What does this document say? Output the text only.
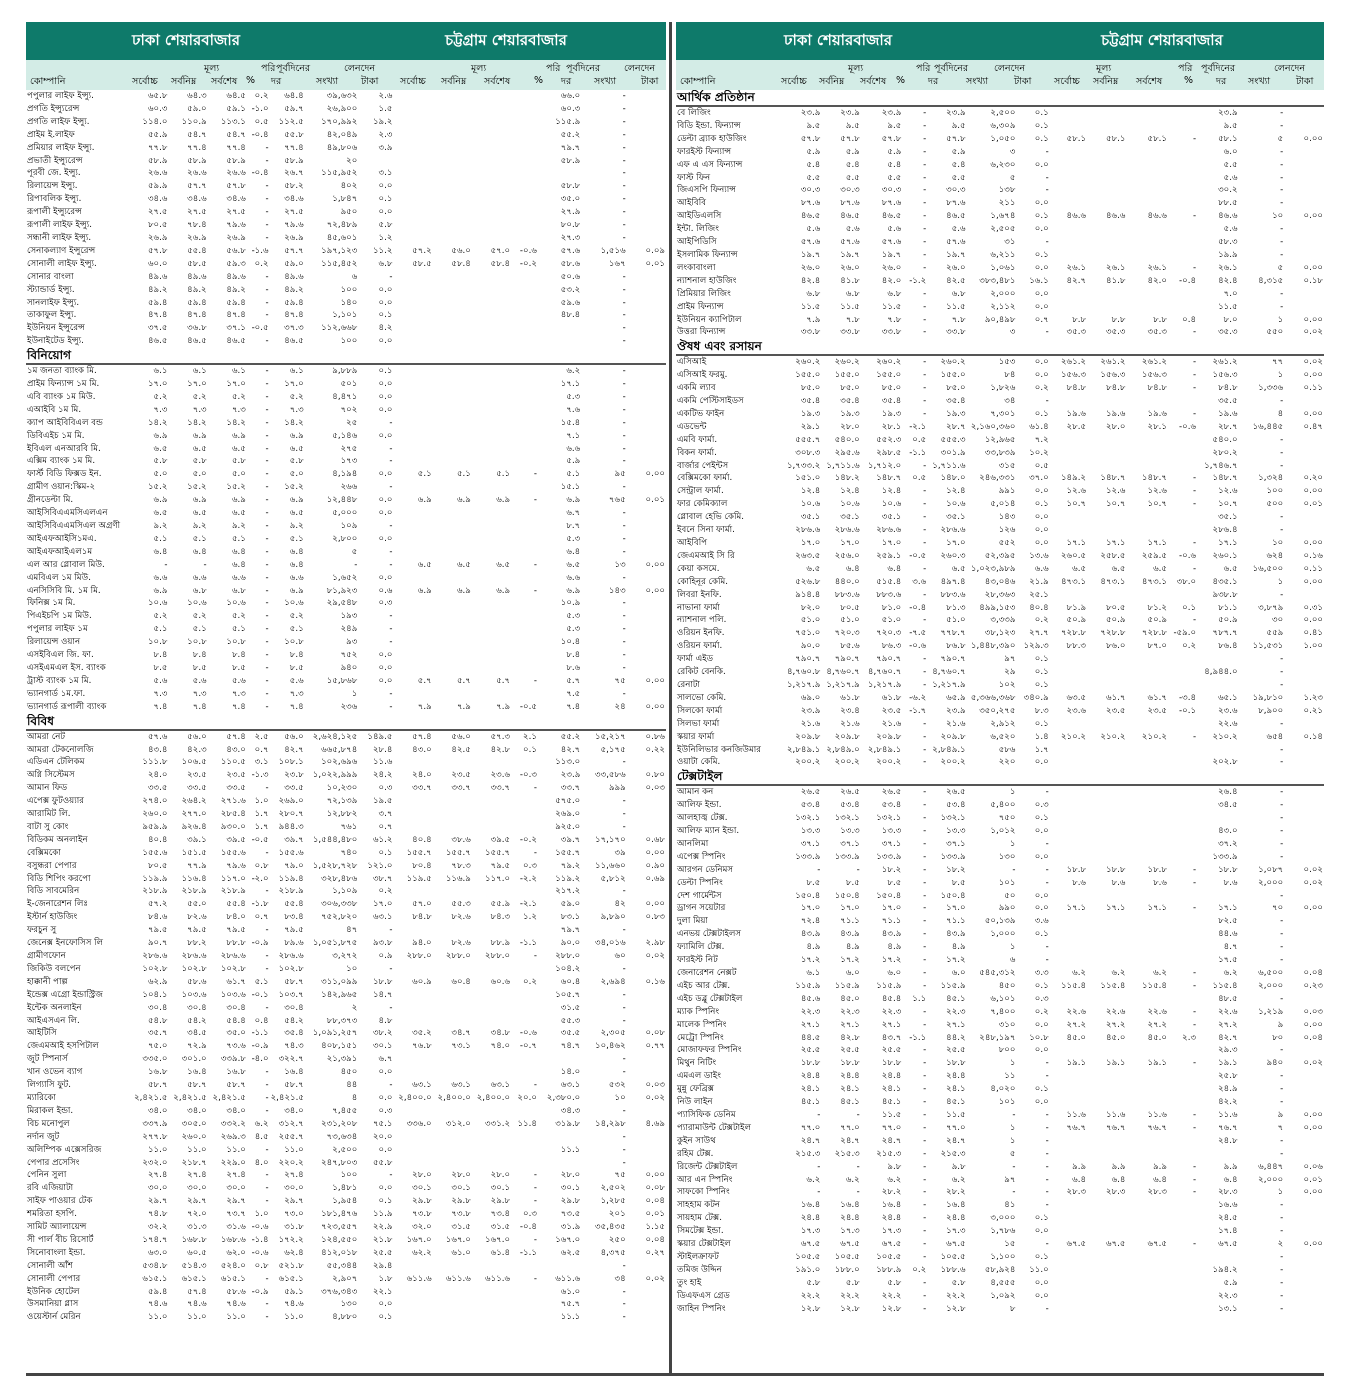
ঢাকা শেয়ারবাজার	চট্টগ্রাম শেয়ারবাজার
মূল্য	পরি পূর্বদিনের	লেনদেন	মূল্য	পরি পূর্বদিনের	লেনদেন
কোম্পানি	সর্বোচ্চ সর্বনিম্ন সর্বশেষ % দর	সংখ্যা টাকা সর্বোচ্চ সর্বনিম্ন সর্বশেষ	% দর সংখ্যা	টাকা
পপুলার লাইফ ইন্স্যু.	৬৫.৮	৬৪.৩	৬৪.৫	০.২	৬৪.৪	৩৯,৬৩২	২.৬					৬৬.০	-	
প্রগতি ইন্স্যুরেন্স	৬০.৩	৫৯.০	৫৯.১	-১.০	৫৯.৭	২৬,৯০০	১.৫					৬০.৩	-	
প্রগতি লাইফ ইন্স্যু.	১১৪.০	১১০.৯	১১৩.১	০.৫	১১২.৫	১৭০,৯৯২	১৯.২					১১৫.৯	-	
প্রাইম ই.লাইফ	৫৫.৯	৫৪.৭	৫৪.৭	-০.৪	৫৫.৮	৪২,০৪৯	২.৩					৫৫.২	-	
প্রমিয়ার লাইফ ইন্স্যু.	৭৭.৮	৭৭.৪	৭৭.৪	-	৭৭.৪	৪৯,৮০৬	৩.৯					৭৯.৭	-	
প্রভাতী ইন্স্যুরেন্স	৫৮.৯	৫৮.৯	৫৮.৯	-	৫৮.৯	২০						৫৮.৯	-	
পূরবী জে. ইন্স্যু.	২৬.৬	২৬.৬	২৬.৬	-০.৪	২৬.৭	১১৫,৯৫২	৩.১						-	
রিলায়েন্স ইন্স্যু.	৫৯.৯	৫৭.৭	৫৭.৮	-	৫৮.২	৪০২	০.০					৫৮.৮	-	
রিপাবলিক ইন্স্যু.	৩৪.৬	৩৪.৬	৩৪.৬	-	৩৪.৬	১,৮৪৭	০.১					৩৫.০	-	
রূপালী ইন্স্যুরেন্স	২৭.৫	২৭.৫	২৭.৫	-	২৭.৫	৯৫০	০.০					২৭.৯	-	
রূপালী লাইফ ইন্স্যু.	৮০.৫	৭৮.৪	৭৯.৬	-	৭৯.৬	৭২,৪৮৯	৫.৮					৮০.৮	-	
সন্ধানী লাইফ ইন্স্যু.	২৬.৯	২৬.৯	২৬.৯	-	২৬.৯	৪৫,৬০১	১.২					২৭.৩	-	
সেনাকল্যাণ ইন্সুরেন্স	৫৭.৮	৫৫.৪	৫৬.৮	-১.৬	৫৭.৭	১৯৭,১২৩	১১.২	৫৭.২	৫৬.০	৫৭.০	-০.৬	৫৭.৬	১,৫১৬	০.০৯
সোনালী লাইফ ইন্স্যু.	৬০.০	৫৮.৫	৫৯.৩	০.২	৫৯.০	১১৫,৪৫২	৬.৮	৫৮.৫	৫৮.৪	৫৮.৪	-০.২	৫৮.৬	১৬৭	০.০১
সোনার বাংলা	৪৯.৬	৪৯.৬	৪৯.৬	-	৪৯.৬	৬	-					৫০.৬	-	
স্ট্যান্ডার্ড ইন্স্যু.	৪৯.২	৪৯.২	৪৯.২	-	৪৯.২	১০০	০.০					৫৩.২	-	
সানলাইফ ইন্স্যু.	৫৯.৪	৫৯.৪	৫৯.৪	-	৫৯.৪	১৪০	০.০					৫৯.৬	-	
তাকাফুল ইন্স্যু.	৪৭.৪	৪৭.৪	৪৭.৪	-	৪৭.৪	১,১০১	০.১					৪৮.৪	-	
ইউনিয়ন ইন্সুরেন্স	৩৭.৫	৩৬.৮	৩৭.১	-০.৫	৩৭.৩	১১২,৬৬৮	৪.২						-	
ইউনাইটেড ইন্স্যু.	৪৬.৫	৪৬.৫	৪৬.৫	-	৪৬.৫	১০০	০.০						-	
বিনিয়োগ														
১ম জনতা ব্যাংক মি.	৬.১	৬.১	৬.১	-	৬.১	৯,৮৮৯	০.১					৬.২	-	
প্রাইম ফিন্যান্স ১ম মি.	১৭.০	১৭.০	১৭.০	-	১৭.০	৫০১	০.০					১৭.১	-	
এবি ব্যাংক ১ম মিউ.	৫.২	৫.২	৫.২	-	৫.২	৪,৪৭১	০.০					৫.৩	-	
এআইবি ১ম মি.	৭.৩	৭.৩	৭.৩	-	৭.৩	৭০২	০.০					৭.৬	-	
ক্যাপ আইবিবিএল বন্ড	১৪.২	১৪.২	১৪.২	-	১৪.২	২৫	-					১৫.৪	-	
ডিবিএইচ ১ম মি.	৬.৯	৬.৯	৬.৯	-	৬.৯	৫,১৪৬	০.০					৭.১	-	
ইবিএল এনআরবি মি.	৬.৫	৬.৫	৬.৫	-	৬.৫	২৭৫	-					৬.৬	-	
এক্সিম ব্যাংক ১ম মি.	৫.৮	৫.৮	৫.৮	-	৫.৮	১৭৩	-					৫.৯	-	
ফার্স্ট বিডি ফিক্সড ইন.	৫.০	৫.০	৫.০	-	৫.০	৪,১৯৪	০.০	৫.১	৫.১	৫.১	-	৫.১	৯৫	০.০০
গ্রামীণ ওয়ান:স্কিম-২	১৫.২	১৫.২	১৫.২	-	১৫.২	২৬৬	-					১৫.১	-	
গ্রীনডেল্টা মি.	৬.৯	৬.৯	৬.৯	-	৬.৯	১২,৪৪৮	০.০	৬.৯	৬.৯	৬.৯	-	৬.৯	৭৬৫	০.০১
আইসিবিএএমসিএলএন	৬.৫	৬.৫	৬.৫	-	৬.৫	৫,০০০	০.০					৬.৭	-	
আইসিবিএএমসিএল অগ্রণী	৯.২	৯.২	৯.২	-	৯.২	১০৯	-					৮.৭	-	
আইএফআইসি১মএ.	৫.১	৫.১	৫.১	-	৫.১	২,৮০০	০.০					৫.৩	-	
আইএফআইএল১ম	৬.৪	৬.৪	৬.৪	-	৬.৪	৫	-					৬.৪	-	
এল আর গ্লোবাল মিউ.	-	-	৬.৪	-	৬.৪	-	-	৬.৫	৬.৫	৬.৫	-	৬.৫	১৩	০.০০
এমবিএল ১ম মিউ.	৬.৬	৬.৬	৬.৬	-	৬.৬	১,৬৫২	০.০					৬.৬	-	
এনসিসিবি মি. ১ম মি.	৬.৯	৬.৮	৬.৮	-	৬.৯	৮১,৯২৩	০.৬	৬.৯	৬.৯	৬.৯	-	৬.৯	১৪৩	০.০০
ফিনিক্স ১ম মি.	১০.৬	১০.৬	১০.৬	-	১০.৬	২৯,৫৪৮	০.৩					১০.৯	-	
পিএইচপি ১ম মিউ.	৫.২	৫.২	৫.২	-	৫.২	১৯৩	-					৫.৩	-	
পপুলার লাইফ ১ম	৫.১	৫.১	৫.১	-	৫.১	২৪৯	-					৫.৩	-	
রিলায়েন্স ওয়ান	১০.৮	১০.৮	১০.৮	-	১০.৮	৯৩	-					১০.৪	-	
এসইবিএল জি. ফা.	৮.৪	৮.৪	৮.৪	-	৮.৪	৭৫২	০.০					৮.৪	-	
এসইএমএল ইস. ব্যাংক	৮.৫	৮.৫	৮.৫	-	৮.৫	৯৪০	০.০					৮.৬	-	
ট্রাস্ট ব্যাংক ১ম মি.	৫.৬	৫.৬	৫.৬	-	৫.৬	১৫,৮৬৮	০.০	৫.৭	৫.৭	৫.৭	-	৫.৭	৭৫	০.০০
ভ্যানগার্ড ১ম.ফা.	৭.৩	৭.৩	৭.৩	-	৭.৩	১	-					৭.৫	-	
ভ্যানগার্ড রূপালী ব্যাংক	৭.৪	৭.৪	৭.৪	-	৭.৪	২৩৬	-	৭.৯	৭.৯	৭.৯	-০.৫	৭.৪	২৪	০.০০
বিবিধ														
আমরা নেট	৫৭.৬	৫৬.০	৫৭.৪	২.৫	৫৬.০	২,৬২৪,১২৫	১৪৯.৫	৫৭.৪	৫৬.০	৫৭.৩	২.১	৫৫.২	১৫,২১৭	০.৮৬
আমরা টেকনোলজি	৪৩.৪	৪২.৩	৪৩.০	০.৭	৪২.৭	৬৬৫,৮৭৪	২৮.৪	৪৩.০	৪২.৫	৪২.৮	০.১	৪২.৭	৫,১৭৫	০.২২
এডিএন টেলিকম	১১১.৮	১০৬.৫	১১০.৫	৩.১	১০৮.১	১০২,৬৯৬	১১.৬					১১৩.০	-	
অগ্নি সিস্টেমস	২৪.০	২৩.৫	২৩.৫	-১.৩	২৩.৮	১,০২২,৯৯৯	২৪.২	২৪.০	২৩.৫	২৩.৬	-০.৩	২৩.৯	৩৩,৫৮৬	০.৮০
আমান ফিড	৩৩.৫	৩৩.৫	৩৩.৫	-	৩৩.৫	১০,২৩০	০.৩	৩৩.৭	৩৩.৭	৩৩.৭	-	৩৩.৭	৯৯৯	০.০৩
এপেক্স ফুটওয়্যার	২৭৪.০	২৬৪.২	২৭১.৬	১.০	২৬৯.০	৭২,১৩৯	১৯.৫					৫৭৫.০	-	
আরামিট লি.	২৬০.০	২৭৭.০	২৮৫.৪	১.৭	২৮০.৭	১২,৮৮২	৩.৭					২৬৯.০	-	
বাটা সু কোং	৯৫৯.৯	৯২৬.৪	৯৩০.০	১.৭	৯৪৪.৩	৭৬১	০.৭					৯২৫.০	-	
বিডিকম অনলাইন	৪০.৪	৩৯.১	৩৯.৫	-০.৫	৩৯.৭	১,৫৪৪,৪৮০	৬১.২	৪০.৪	৩৮.৬	৩৯.৫	-০.২	৩৯.৭	১৭,১৭০	০.৬৮
বেক্সিমকো	১৫৫.৬	১৫১.৫	১৫৫.৬	-	১৫৫.৬	৭৪০	০.১	১৫৫.৭	১৫৫.৭	১৫৫.৭	-	১৫৫.৭	৩৯	০.০০
বসুন্ধরা পেপার	৮০.৫	৭৭.৯	৭৯.৬	০.৮	৭৯.০	১,৫২৮,৭২৮	১২১.০	৮০.৪	৭৮.৩	৭৯.৫	০.৩	৭৯.২	১১,৬৬০	০.৯০
বিডি শিপিং করপো	১১৯.৯	১১৬.৪	১১৭.০	-২.০	১১৯.৪	৩২৮,৪৮৬	৩৮.৭	১১৯.৫	১১৬.৯	১১৭.০	-২.২	১১৯.২	৫,৮১২	০.৬৯
বিডি সাবমেরিন	২১৮.৯	২১৮.৯	২১৮.৯	-	২১৮.৯	১,১০৯	০.২					২১৭.২	-	
ই-জেনারেশন লিঃ	৫৭.২	৫৫.০	৫৫.৪	-১.৮	৫৫.৪	৩০৬,৩৩৮	১৭.০	৫৭.০	৫৫.৩	৫৫.৯	-২.১	৫৯.০	৪২	০.০০
ইস্টার্ন হাউজিং	৮৪.৬	৮২.৬	৮৪.০	০.৭	৮৩.৪	৭৫২,৮২০	৬৩.১	৮৪.৮	৮২.৬	৮৪.৩	১.২	৮৩.১	৯,৮৯০	০.৮৩
ফরচুন সু	৭৯.৫	৭৯.৫	৭৯.৫	-	৭৯.৫	৪৭	-					৭৯.৭	-	
জেনেক্স ইনফোসিস লি	৯০.৭	৮৮.২	৮৮.৮	-০.৯	৮৯.৬	১,০৫১,৮৭৫	৯৩.৮	৯৪.০	৮২.৬	৮৮.৯	-১.১	৯০.০	৩৪,০১৬	২.৯৮
গ্রামীণফোন	২৮৬.৬	২৮৬.৬	২৮৬.৬	-	২৮৬.৬	৩,২৭২	০.৯	২৮৮.০	২৮৮.০	২৮৮.০	-	২৮৮.০	৬০	০.০২
জিকিউ বলপেন	১০২.৮	১০২.৮	১০২.৮	-	১০২.৮	১০	-					১০৪.২	-	
হাক্কানী পাল্প	৬২.৯	৫৮.৬	৬১.৭	৫.১	৫৮.৭	৩১১,০৯৯	১৮.৮	৬০.৯	৬০.৪	৬০.৬	০.২	৬০.৪	২,৬৯৪	০.১৬
ইন্ডেক্স এগ্রো ইন্ডাস্ট্রিজ	১০৪.১	১০৩.৬	১০৩.৬	-০.১	১০৩.৭	১৪২,৯৬৫	১৪.৭					১০৫.৭	-	
ইন্টেক অনলাইন	৩০.৪	৩০.৪	৩০.৪	-	৩০.৪	২	-					৩১.৫	-	
আইএসএন লি.	৫৪.৮	৫৪.২	৫৪.৪	০.৪	৫৪.২	৮৮,৩৭৩	৪.৮					৫৫.৩	-	
আইটিসি	৩৫.৭	৩৪.৫	৩৫.০	-১.১	৩৫.৪	১,০৯১,২৫৭	৩৮.২	৩৫.২	৩৪.৭	৩৪.৮	-০.৬	৩৫.৫	২,৩০৫	০.০৮
জেএমআই হসপিটাল	৭৫.০	৭২.৯	৭৩.৬	-০.৯	৭৪.৩	৪০৮,১৫১	৩০.১	৭৬.৮	৭৩.১	৭৪.০	-০.৭	৭৪.৭	১০,৪৬২	০.৭৭
জুট স্পিনার্স	৩৩৫.০	৩০১.০	৩৩৯.৮	-৪.০	৩২২.৭	২১,৩৯১	৬.৭						-	
খান ওভেন ব্যাগ	১৬.৮	১৬.৪	১৬.৮	-	১৬.৪	৪৫০	০.০					১৪.০	-	
লিগ্যাসি ফুট.	৫৮.৭	৫৮.৭	৫৮.৭	-	৫৮.৭	৪৪	-	৬৩.১	৬৩.১	৬৩.১	-	৬৩.১	৫৩২	০.০৩
ম্যারিকো	২,৪২১.৫	২,৪২১.৫	২,৪২১.৫	-	২,৪২১.৫	৪	০.০	২,৪০০.০	২,৪০০.০	২,৪০০.০	২০.০	২,৩৮০.০	১০	০.০২
মিরাকল ইন্ডা.	৩৪.০	৩৪.০	৩৪.০	-	৩৪.০	৭,৪৫৫	০.৩					৩৪.৩	-	
বিচ মনোপুল	৩৩৭.৯	৩০৫.০	৩৩২.২	৬.২	৩১২.৭	২৩১,২০৮	৭৫.১	৩৩৬.০	৩১২.০	৩৩১.২	১১.৪	৩১৯.৮	১৪,২৯৮	৪.৬৯
নর্দান জুট	২৭৭.৮	২৬০.০	২৬৯.৩	৪.৫	২৫৫.৭	৭৩,৬৩৪	২০.০						-	
অলিম্পিক এক্সেসরিজ	১১.০	১১.০	১১.০	-	১১.০	২,৫০০	০.০					১১.১	-	
পেপার প্রসেসিং	২৩২.০	২১৮.৭	২২৯.০	৪.০	২২০.২	২৪৭,৮০৩	৫৫.৮						-	
পেনিন সুলা	২৭.৪	২৭.৪	২৭.৪	-	২৭.৪	১০০	-	২৮.০	২৮.০	২৮.০	-	২৮.০	৭৫	০.০০
রবি এজিয়াটা	৩০.০	৩০.০	৩০.০	-	৩০.০	১,৪৮১	০.০	৩০.১	৩০.১	৩০.১	-	৩০.১	২,৫০২	০.০৮
সাইফ পাওয়ার টেক	২৯.৭	২৯.৭	২৯.৭	-	২৯.৭	১,৯৫৪	০.১	২৯.৮	২৯.৮	২৯.৮	-	২৯.৮	১,২৮৫	০.০৪
শমরিতা হসপি.	৭৪.৮	৭২.০	৭৩.৭	১.০	৭৩.০	১৮১,৪৭৬	১১.৯	৭৩.৮	৭৩.৮	৭৩.৪	০.৩	৭৩.৫	২০১	০.০১
সামিট অ্যালায়েন্স	৩২.২	৩১.৩	৩১.৬	-০.৬	৩১.৮	৭২৩,৫৫৭	২২.৯	৩২.০	৩১.৫	৩১.৫	-০.৪	৩১.৯	৩৫,৪৩৫	১.১৫
সী পার্ল বীচ রিসোর্ট	১৭৪.৭	১৬৮.৮	১৬৮.৬	-১.৪	১৭২.২	১২৪,৫৫০	২১.৮	১৬৭.০	১৬৭.০	১৬৭.০	-	১৬৭.০	২৫০	০.০৪
সিনোবাংলা ইন্ডা.	৬৩.০	৬০.৫	৬২.০	-০.৬	৬২.৪	৪১২,০১৮	২৫.৫	৬২.২	৬১.০	৬১.৪	-১.১	৬২.৫	৪,৩৭৫	০.২৭
সোনালী আঁশ	৫৩৪.৮	৫১৪.৩	৫২৪.০	০.৮	৫২১.৮	৫৫,৩৪৪	২৯.৪						-	
সোনালী পেপার	৬১৫.১	৬১৫.১	৬১৫.১	-	৬১৫.১	২,৯০৭	১.৮	৬১১.৬	৬১১.৬	৬১১.৬	-	৬১১.৬	৩৪	০.০২
ইউনিক হোটেল	৫৯.৪	৫৭.৪	৫৮.৬	-০.৯	৫৯.১	৩৭৬,৩৪৩	২২.১					৬১.০	-	
উসমানিয়া গ্লাস	৭৪.৬	৭৪.৬	৭৪.৬	-	৭৪.৬	১৩০	০.০					৭৫.৭	-	
ওয়েস্টার্ন মেরিন	১১.০	১১.০	১১.০	-	১১.০	৪,৮৮০	০.১					১১.১	-	
ঢাকা শেয়ারবাজার	চট্টগ্রাম শেয়ারবাজার
মূল্য	পরি পূর্বদিনের	লেনদেন	মূল্য	পরি পূর্বদিনের	লেনদেন
কোম্পানি	সর্বোচ্চ সর্বনিম্ন সর্বশেষ % দর	সংখ্যা	টাকা সর্বোচ্চ সর্বনিম্ন সর্বশেষ % দর সংখ্যা	টাকা
আর্থিক প্রতিষ্ঠান														
বে লিজিং	২৩.৯	২৩.৯	২৩.৯	-	২৩.৯	২,৫০০	০.১					২৩.৯	-	
বিডি ইন্ডা. ফিন্যান্স	৯.৫	৯.৫	৯.৫	-	৯.৫	৬,৩০৯	০.১					৯.৫	-	
ডেল্টা ব্র্যাক হাউজিং	৫৭.৮	৫৭.৮	৫৭.৮	-	৫৭.৮	১,০৫০	০.১	৫৮.১	৫৮.১	৫৮.১	-	৫৮.১	৫	০.০০
ফারইস্ট ফিন্যান্স	৫.৯	৫.৯	৫.৯	-	৫.৯	৩	-					৬.০	-	
এফ এ এস ফিন্যান্স	৫.৪	৫.৪	৫.৪	-	৫.৪	৬,২৩০	০.০					৫.৫	-	
ফাস্ট ফিন	৫.৫	৫.৫	৫.৫	-	৫.৫	৫	-					৫.৬	-	
জিএসপি ফিন্যান্স	৩০.৩	৩০.৩	৩০.৩	-	৩০.৩	১৩৮	-					৩০.২	-	
আইবিবি	৮৭.৬	৮৭.৬	৮৭.৬	-	৮৭.৬	২১১	০.০					৮৮.৫	-	
আইডিএলসি	৪৬.৫	৪৬.৫	৪৬.৫	-	৪৬.৫	১,৬৭৪	০.১	৪৬.৬	৪৬.৬	৪৬.৬	-	৪৬.৬	১০	০.০০
ইন্টা. লিজিং	৫.৬	৫.৬	৫.৬	-	৫.৬	২,৫০৫	০.০					৫.৬	-	
আইপিডিসি	৫৭.৬	৫৭.৬	৫৭.৬	-	৫৭.৬	৩১	-					৫৮.৩	-	
ইসলামিক ফিন্যান্স	১৯.৭	১৯.৭	১৯.৭	-	১৯.৭	৬,২১১	০.১					১৯.৯	-	
লংকাবাংলা	২৬.০	২৬.০	২৬.০	-	২৬.০	১,০৬১	০.০	২৬.১	২৬.১	২৬.১	-	২৬.১	৫	০.০০
ন্যাশনাল হাউজিং	৪২.৪	৪১.৮	৪২.০	-১.২	৪২.৫	৩৮৩,৪৮১	১৬.১	৪২.৭	৪১.৮	৪২.০	-০.৪	৪২.৪	৪,৩১৫	০.১৮
প্রিমিয়ার লিজিং	৬.৮	৬.৮	৬.৮	-	৬.৮	২,০০০	০.০					৭.০	-	
প্রাইম ফিন্যান্স	১১.৫	১১.৫	১১.৫	-	১১.৫	২,১১২	০.০					১১.৫	-	
ইউনিয়ন ক্যাপিটাল	৭.৯	৭.৮	৭.৮	-	৭.৮	৯০,৪৯৮	০.৭	৮.৮	৮.৮	৮.৮	০.৪	৮.০	১	০.০০
উত্তরা ফিন্যান্স	৩৩.৮	৩৩.৮	৩৩.৮	-	৩৩.৮	৩	-	৩৫.৩	৩৫.৩	৩৫.৩	-	৩৫.৩	৫৫০	০.০২
ঔষধ এবং রসায়ন														
এসিআই	২৬০.২	২৬০.২	২৬০.২	-	২৬০.২	১৫৩	০.০	২৬১.২	২৬১.২	২৬১.২	-	২৬১.২	৭৭	০.০২
এসিআই ফরমু.	১৫৫.০	১৫৫.০	১৫৫.০	-	১৫৫.০	৮৪	০.০	১৫৬.৩	১৫৬.৩	১৫৬.৩	-	১৫৬.৩	১	০.০০
একমি ল্যাব	৮৫.০	৮৫.০	৮৫.০	-	৮৫.০	১,৮২৬	০.২	৮৪.৮	৮৪.৮	৮৪.৮	-	৮৪.৮	১,৩৩৬	০.১১
একমি পেস্টিসাইডস	৩৫.৪	৩৫.৪	৩৫.৪	-	৩৫.৪	৩৪	-					৩৫.৫	-	
একটিভ ফাইন	১৯.৩	১৯.৩	১৯.৩	-	১৯.৩	৭,৩০১	০.১	১৯.৬	১৯.৬	১৯.৬	-	১৯.৬	৪	০.০০
এডভেন্ট	২৯.১	২৮.০	২৮.১	-২.১	২৮.৭	২,১৬০,৩৬০	৬১.৪	২৮.৫	২৮.০	২৮.১	-০.৬	২৮.৭	১৬,৪৪৫	০.৪৭
এমবি ফার্মা.	৫৫৫.৭	৫৪০.০	৫৫২.৩	০.৫	৫৫৫.৩	১২,৯৬৫	৭.২					৫৪০.০	-	
বিকন ফার্মা.	৩০৮.৩	২৯৫.৬	২৯৮.৫	-১.১	৩০১.৯	৩৩,৮৩৯	১০.২					২৮০.২	-	
বার্জার পেইন্টস	১,৭৩৩.২	১,৭১১.৬	১,৭১২.০	-	১,৭১১.৬	৩১৫	০.৫					১,৭৪৬.৭	-	
বেক্সিমকো ফার্মা.	১৫১.০	১৪৮.২	১৪৮.৭	০.৫	১৪৮.০	২৪৬,৩৩১	৩৭.০	১৪৯.২	১৪৮.৭	১৪৮.৭	-	১৪৮.৭	১,৩২৪	০.২০
সেন্ট্রাল ফার্মা.	১২.৪	১২.৪	১২.৪	-	১২.৪	৯৯১	০.০	১২.৬	১২.৬	১২.৬	-	১২.৬	১০০	০.০০
ফার কেমিক্যাল	১০.৬	১০.৬	১০.৬	-	১০.৬	৫,০১৪	০.১	১০.৭	১০.৭	১০.৭	-	১০.৭	৫০০	০.০১
গ্লোবাল হেভি কেমি.	৩৫.১	৩৫.১	৩৫.১	-	৩৫.১	১৪৩	০.০					৩৫.১	-	
ইবনে সিনা ফার্মা.	২৮৬.৬	২৮৬.৬	২৮৬.৬	-	২৮৬.৬	১২৬	০.০					২৮৬.৪	-	
আইবিপি	১৭.০	১৭.০	১৭.০	-	১৭.০	৫৫২	০.০	১৭.১	১৭.১	১৭.১	-	১৭.১	১০	০.০০
জেএমআই সি রি	২৬৩.৫	২৫৬.০	২৫৯.১	-০.৫	২৬০.৩	৫২,৩৯৫	১৩.৬	২৬০.৫	২৫৮.৫	২৫৯.৫	-০.৬	২৬০.১	৬২৪	০.১৬
কেয়া কসমে.	৬.৫	৬.৪	৬.৪	-	৬.৫	১,০২৩,৯৮৯	৬.৬	৬.৫	৬.৫	৬.৫	-	৬.৫	১৬,৫০০	০.১১
কোহিনূর কেমি.	৫২৬.৮	৪৪০.০	৫১৫.৪	৩.৬	৪৯৭.৪	৪৩,০৪৬	২১.৯	৪৭৩.১	৪৭৩.১	৪৭৩.১	৩৮.০	৪৩৫.১	১	০.০০
লিবরা ইনফি.	৯১৪.৪	৮৮৩.৬	৮৮৩.৬	-	৮৮৩.৬	২৮,৩৬৩	২৫.১					৯৩৮.৮	-	
নাভানা ফার্মা	৮২.০	৮০.৫	৮১.০	-০.৪	৮১.৩	৪৯৯,১৫৩	৪০.৪	৮১.৯	৮০.৫	৮১.২	০.১	৮১.১	৩,৮৭৯	০.৩১
ন্যাশনাল পলি.	৫১.০	৫১.০	৫১.০	-	৫১.০	৩,৩৩৯	০.২	৫০.৯	৫০.৯	৫০.৯	-	৫০.৯	৩০	০.০০
ওরিয়ন ইনফি.	৭৫১.০	৭২০.৩	৭২০.৩	-৭.৫	৭৭৮.৭	৩৮,১২৩	২৭.৭	৭২৮.৮	৭২৮.৮	৭২৮.৮	-৫৯.০	৭৮৭.৭	৫৫৯	০.৪১
ওরিয়ন ফার্মা.	৯০.০	৮৫.৬	৮৬.৩	-০.৬	৮৬.৮	১,৪৪৮,৩৯০	১২৯.৩	৮৮.৩	৮৬.০	৮৭.০	০.২	৮৬.৪	১১,৫৩১	১.০০
ফার্মা এইড	৭৯০.৭	৭৯০.৭	৭৯০.৭	-	৭৯০.৭	৯৭	০.১						-	
রেকিট বেনকি.	৪,৭৬০.৮	৪,৭৬০.৭	৪,৭৬০.৭	-	৪,৭৬০.৭	২৯	০.১					৪,৯৪৪.০	-	
রেনাটা	১,২১৭.৯	১,২১৭.৯	১,২১৭.৯	-	১,২১৭.৯	১০২	০.১						-	
সালভো কেমি.	৬৯.০	৬১.৮	৬১.৮	-৬.২	৬৫.৯	৫,৩৬৬,৩৬৮	৩৪০.৯	৬৩.৫	৬১.৭	৬১.৭	-৩.৪	৬৫.১	১৯,৮১০	১.২৩
সিলকো ফার্মা	২৩.৯	২৩.৪	২৩.৫	-১.৭	২৩.৯	৩৫০,২৭৫	৮.৩	২৩.৬	২৩.৫	২৩.৫	-০.১	২৩.৬	৮,৯০০	০.২১
সিলভা ফার্মা	২১.৬	২১.৬	২১.৬	-	২১.৬	২,৯১২	০.১					২২.৬	-	
স্কয়ার ফার্মা	২০৯.৮	২০৯.৮	২০৯.৮	-	২০৯.৮	৬,৫২০	১.৪	২১০.২	২১০.২	২১০.২	-	২১০.২	৬৫৪	০.১৪
ইউনিলিভার কনজিউমার	২,৮৪৯.১	২,৮৪৯.০	২,৮৪৯.১	-	২,৮৪৯.১	৫৮৬	১.৭						-	
ওয়াটা কেমি.	২০০.২	২০০.২	২০০.২	-	২০০.২	২২০	০.০					২০২.৮	-	
টেক্সটাইল														
আমান কন	২৬.৫	২৬.৫	২৬.৫	-	২৬.৫	১	-					২৬.৪	-	
আলিফ ইন্ডা.	৫৩.৪	৫৩.৪	৫৩.৪	-	৫৩.৪	৫,৪০০	০.৩					৩৪.৫	-	
আলহাজ্ব টেক্স.	১৩২.১	১৩২.১	১৩২.১	-	১৩২.১	৭৫০	০.১						-	
আলিফ ম্যান ইন্ডা.	১৩.৩	১৩.৩	১৩.৩	-	১৩.৩	১,০১২	০.০					৪৩.০	-	
আনলিমা	৩৭.১	৩৭.১	৩৭.১	-	৩৭.১	১	-					৩৭.২	-	
এপেক্স স্পিনিং	১৩৩.৯	১৩৩.৯	১৩৩.৯	-	১৩৩.৯	১৩০	০.০					১৩৩.৯	-	
আরগন ডেনিমস	-	-	১৮.২	-	১৮.২	-	-	১৮.৮	১৮.৮	১৮.৮	-	১৮.৮	১,০৮৭	০.০২
ডেল্টা স্পিনিং	৮.৫	৮.৫	৮.৫	-	৮.৫	১০১	-	৮.৬	৮.৬	৮.৬	-	৮.৬	২,০০০	০.০২
দেশ গার্মেন্টস	১৫০.৪	১৫০.৪	১৫০.৪	-	১৫০.৪	৫০	০.০						-	
ড্রাগন সয়েটার	১৭.০	১৭.০	১৭.০	-	১৭.০	৯৯০	০.০	১৭.১	১৭.১	১৭.১	-	১৭.১	৭০	০.০০
দুলা মিয়া	৭২.৪	৭১.১	৭১.১	-	৭১.১	৫০,১৩৯	৩.৬					৮২.৫	-	
এনভয় টেক্সটাইলস	৪৩.৯	৪৩.৯	৪৩.৯	-	৪৩.৯	১,০০০	০.১					৪৪.৬	-	
ফ্যামিলি টেক্স.	৪.৯	৪.৯	৪.৯	-	৪.৯	১	-					৪.৭	-	
ফারইস্ট নিট	১৭.২	১৭.২	১৭.২	-	১৭.২	৬	-					১৭.৫	-	
জেনারেশন নেক্সট	৬.১	৬.০	৬.০	-	৬.০	৫৪৫,৩১২	৩.৩	৬.২	৬.২	৬.২	-	৬.২	৬,৫০০	০.০৪
এইচ আর টেক্স.	১১৫.৯	১১৫.৯	১১৫.৯	-	১১৫.৯	৪৫০	০.১	১১৫.৪	১১৫.৪	১১৫.৪	-	১১৫.৪	২,০০০	০.২৩
এইচ ডব্লু টেক্সটাইল	৪৫.৬	৪৫.০	৪৫.৪	১.১	৪৫.১	৬,১০১	০.৩					৪৮.৫	-	
ম্যাক স্পিনিং	২২.৩	২২.৩	২২.৩	-	২২.৩	৭,৪০০	০.২	২২.৬	২২.৬	২২.৬	-	২২.৬	১,২১৯	০.০৩
মালেক স্পিনিং	২৭.১	২৭.১	২৭.১	-	২৭.১	৩১০	০.০	২৭.২	২৭.২	২৭.২	-	২৭.২	৯	০.০০
মেট্রো স্পিনিং	৪৪.৫	৪২.৮	৪৩.৭	-১.১	৪৪.২	২৪৮,১৯৭	১০.৮	৪৫.০	৪৫.০	৪৫.০	২.৩	৪২.৭	৮০	০.০৪
মোজাফফর স্পিনিং	২৫.৫	২৫.৫	২৫.৫	-	২৫.৫	৮০০	০.০					২৯.৩	-	
মিথুন নিটিং	১৮.৮	১৮.৮	১৮.৮	-	১৮.৮	১	-	১৯.১	১৯.১	১৯.১	-	১৯.১	৯৪০	০.০২
এমএল ডাইং	২৪.৪	২৪.৪	২৪.৪	-	২৪.৪	১১	-					২৫.৮	-	
মুন্নু ফেব্রিক্স	২৪.১	২৪.১	২৪.১	-	২৪.১	৪,০২০	০.১					২৪.৯	-	
নিউ লাইন	৪৫.১	৪৫.১	৪৫.১	-	৪৫.১	১০১	০.০					৪২.২	-	
প্যাসিফিক ডেনিম	-	-	১১.৫	-	১১.৫	-	-	১১.৬	১১.৬	১১.৬	-	১১.৬	৯	০.০০
প্যারামাউন্ট টেক্সটাইল	৭৭.০	৭৭.০	৭৭.০	-	৭৭.০	১	-	৭৬.৭	৭৬.৭	৭৬.৭	-	৭৬.৭	৭	০.০০
কুইন সাউথ	২৪.৭	২৪.৭	২৪.৭	-	২৪.৭	১	-					২৪.৮	-	
রহিম টেক্স.	২১৫.৩	২১৫.৩	২১৫.৩	-	২১৫.৩	৫	-						-	
রিজেন্ট টেক্সটাইল	-	-	৯.৮	-	৯.৮	-	-	৯.৯	৯.৯	৯.৯	-	৯.৯	৬,৪৪৭	০.০৬
আর এন স্পিনিং	৬.২	৬.২	৬.২	-	৬.২	৯৭	-	৬.৪	৬.৪	৬.৪	-	৬.৪	২,০০০	০.০১
সাফকো স্পিনিং	-	-	২৮.২	-	২৮.২	-	-	২৮.৩	২৮.৩	২৮.৩	-	২৮.৩	১	০.০০
সাহহাম কটন	১৬.৪	১৬.৪	১৬.৪	-	১৬.৪	৪১	-					১৬.৬	-	
সায়হাম টেক্স.	২৪.৪	২৪.৪	২৪.৪	-	২৪.৪	৩,০০০	০.১					২৪.৫	-	
সিমটেক্স ইন্ডা.	১৭.৩	১৭.৩	১৭.৩	-	১৭.৩	১,৭৮৬	০.০					১৭.৪	-	
স্কয়ার টেক্সটাইল	৬৭.৫	৬৭.৫	৬৭.৫	-	৬৭.৫	১৫	-	৬৭.৫	৬৭.৫	৬৭.৫	-	৬৭.৫	২	০.০০
স্টাইলক্রাফট	১০৫.৫	১০৫.৫	১০৫.৫	-	১০৫.৫	১,১০০	০.১						-	
তমিজ উদ্দিন	১৯১.০	১৮৮.০	১৮৮.৯	০.২	১৮৮.৬	৫৮,৯২৪	১১.০					১৯৪.২	-	
তুং হাই	৫.৮	৫.৮	৫.৮	-	৫.৮	৪,৫৫৫	০.০					৫.৯	-	
ডিএফএস গ্রেড	২২.২	২২.২	২২.২	-	২২.২	১,০৯২	০.০					২২.৩	-	
জাহিন স্পিনিং	১২.৮	১২.৮	১২.৮	-	১২.৮	৮	-					১৩.১	-	
